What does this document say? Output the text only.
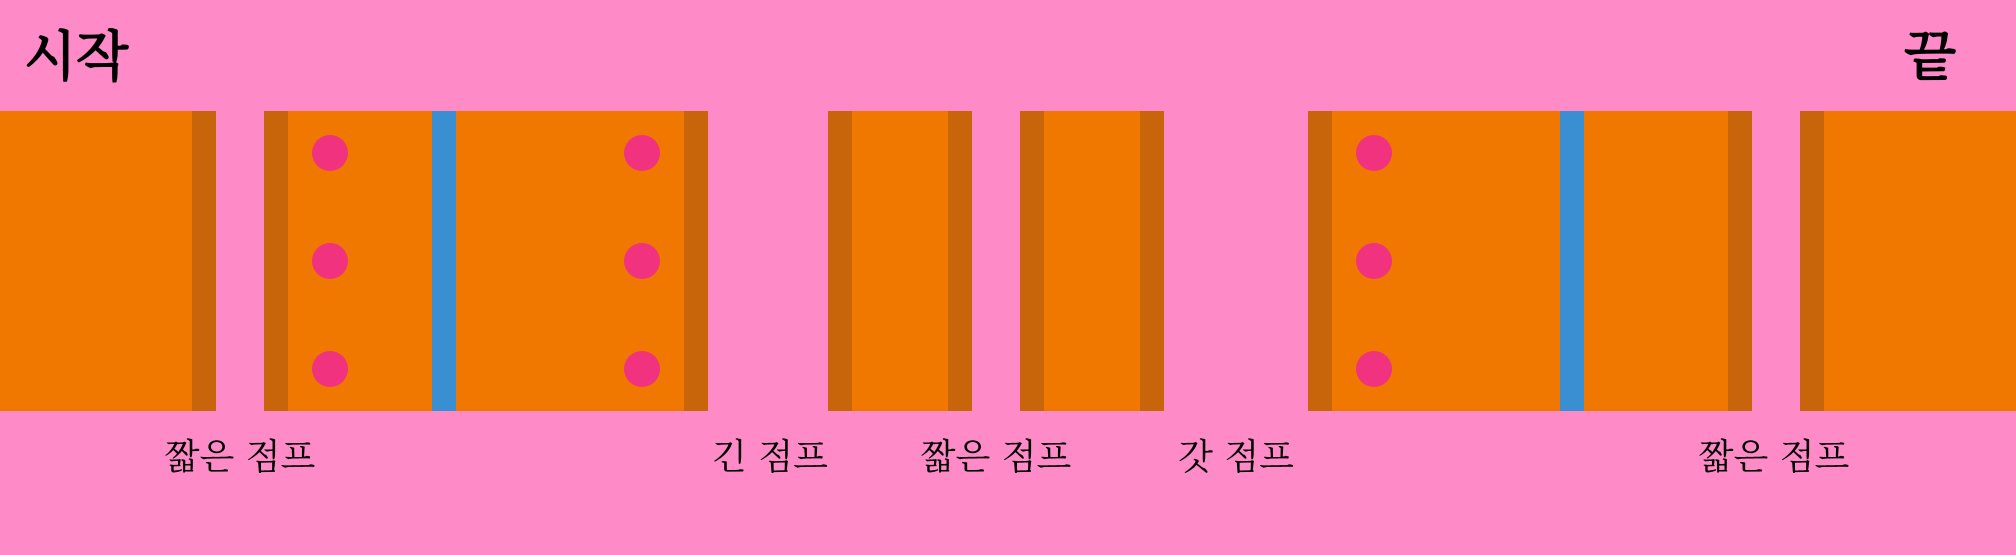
시작	끝
짧은 점프	긴 점프	짧은 점프	갓 점프	짧은 점프
